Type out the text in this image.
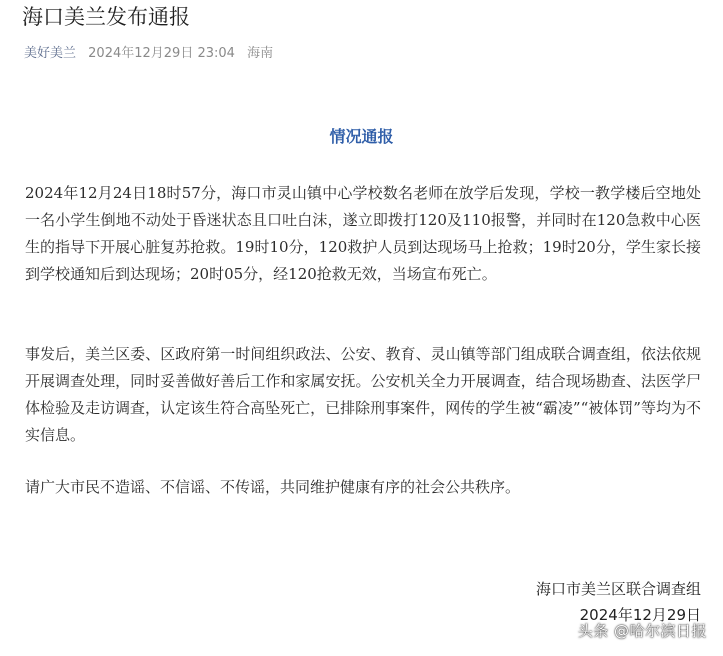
海口美兰发布通报
美好美兰 2024年12月29日 23:04 海南
情况通报

2024年12月24日18时57分，海口市灵山镇中心学校数名老师在放学后发现，学校一教学楼后空地处一名小学生倒地不动处于昏迷状态且口吐白沫，遂立即拨打120及110报警，并同时在120急救中心医生的指导下开展心脏复苏抢救。19时10分，120救护人员到达现场马上抢救；19时20分，学生家长接到学校通知后到达现场；20时05分，经120抢救无效，当场宣布死亡。

事发后，美兰区委、区政府第一时间组织政法、公安、教育、灵山镇等部门组成联合调查组，依法依规开展调查处理，同时妥善做好善后工作和家属安抚。公安机关全力开展调查，结合现场勘查、法医学尸体检验及走访调查，认定该生符合高坠死亡，已排除刑事案件，网传的学生被“霸凌”“被体罚”等均为不实信息。

请广大市民不造谣、不信谣、不传谣，共同维护健康有序的社会公共秩序。

海口市美兰区联合调查组
2024年12月29日
头条 @哈尔滨日报
